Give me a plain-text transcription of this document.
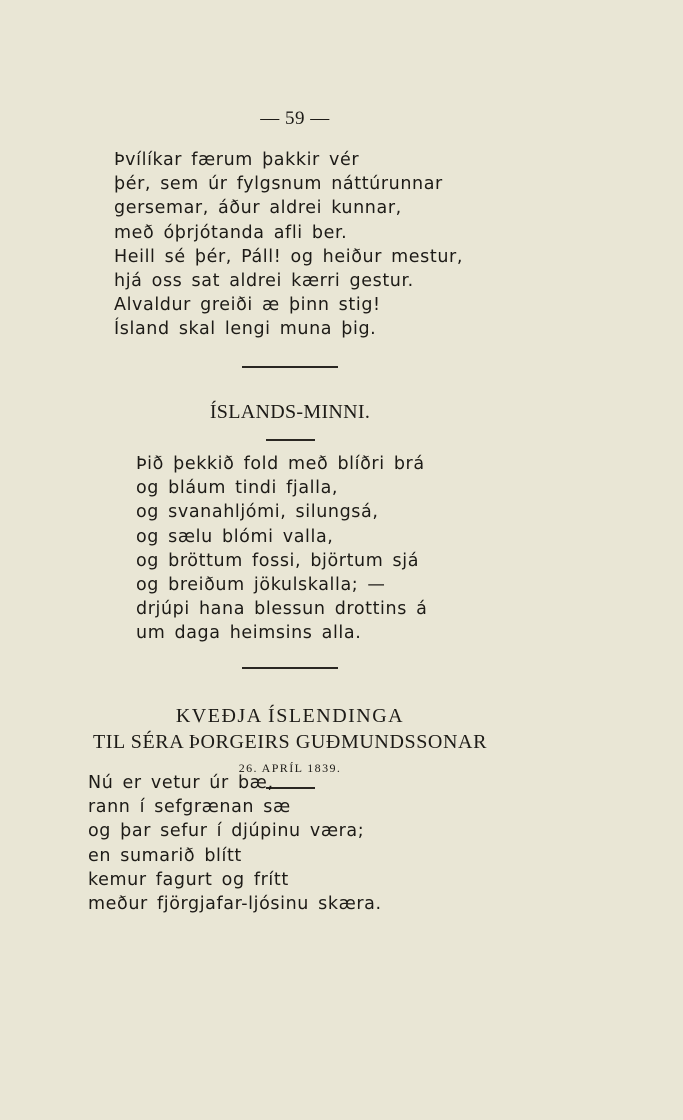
— 59 —
Þvílíkar færum þakkir vér
þér, sem úr fylgsnum náttúrunnar
gersemar, áður aldrei kunnar,
með óþrjótanda afli ber.
Heill sé þér, Páll! og heiður mestur,
hjá oss sat aldrei kærri gestur.
Alvaldur greiði æ þinn stig!
Ísland skal lengi muna þig.
ÍSLANDS-MINNI.
Þið þekkið fold með blíðri brá
og bláum tindi fjalla,
og svanahljómi, silungsá,
og sælu blómi valla,
og bröttum fossi, björtum sjá
og breiðum jökulskalla; —
drjúpi hana blessun drottins á
um daga heimsins alla.
KVEÐJA ÍSLENDINGA
TIL SÉRA ÞORGEIRS GUÐMUNDSSONAR
26. APRÍL 1839.
Nú er vetur úr bæ,
rann í sefgrænan sæ
og þar sefur í djúpinu væra;
en sumarið blítt
kemur fagurt og frítt
meður fjörgjafar-ljósinu skæra.
